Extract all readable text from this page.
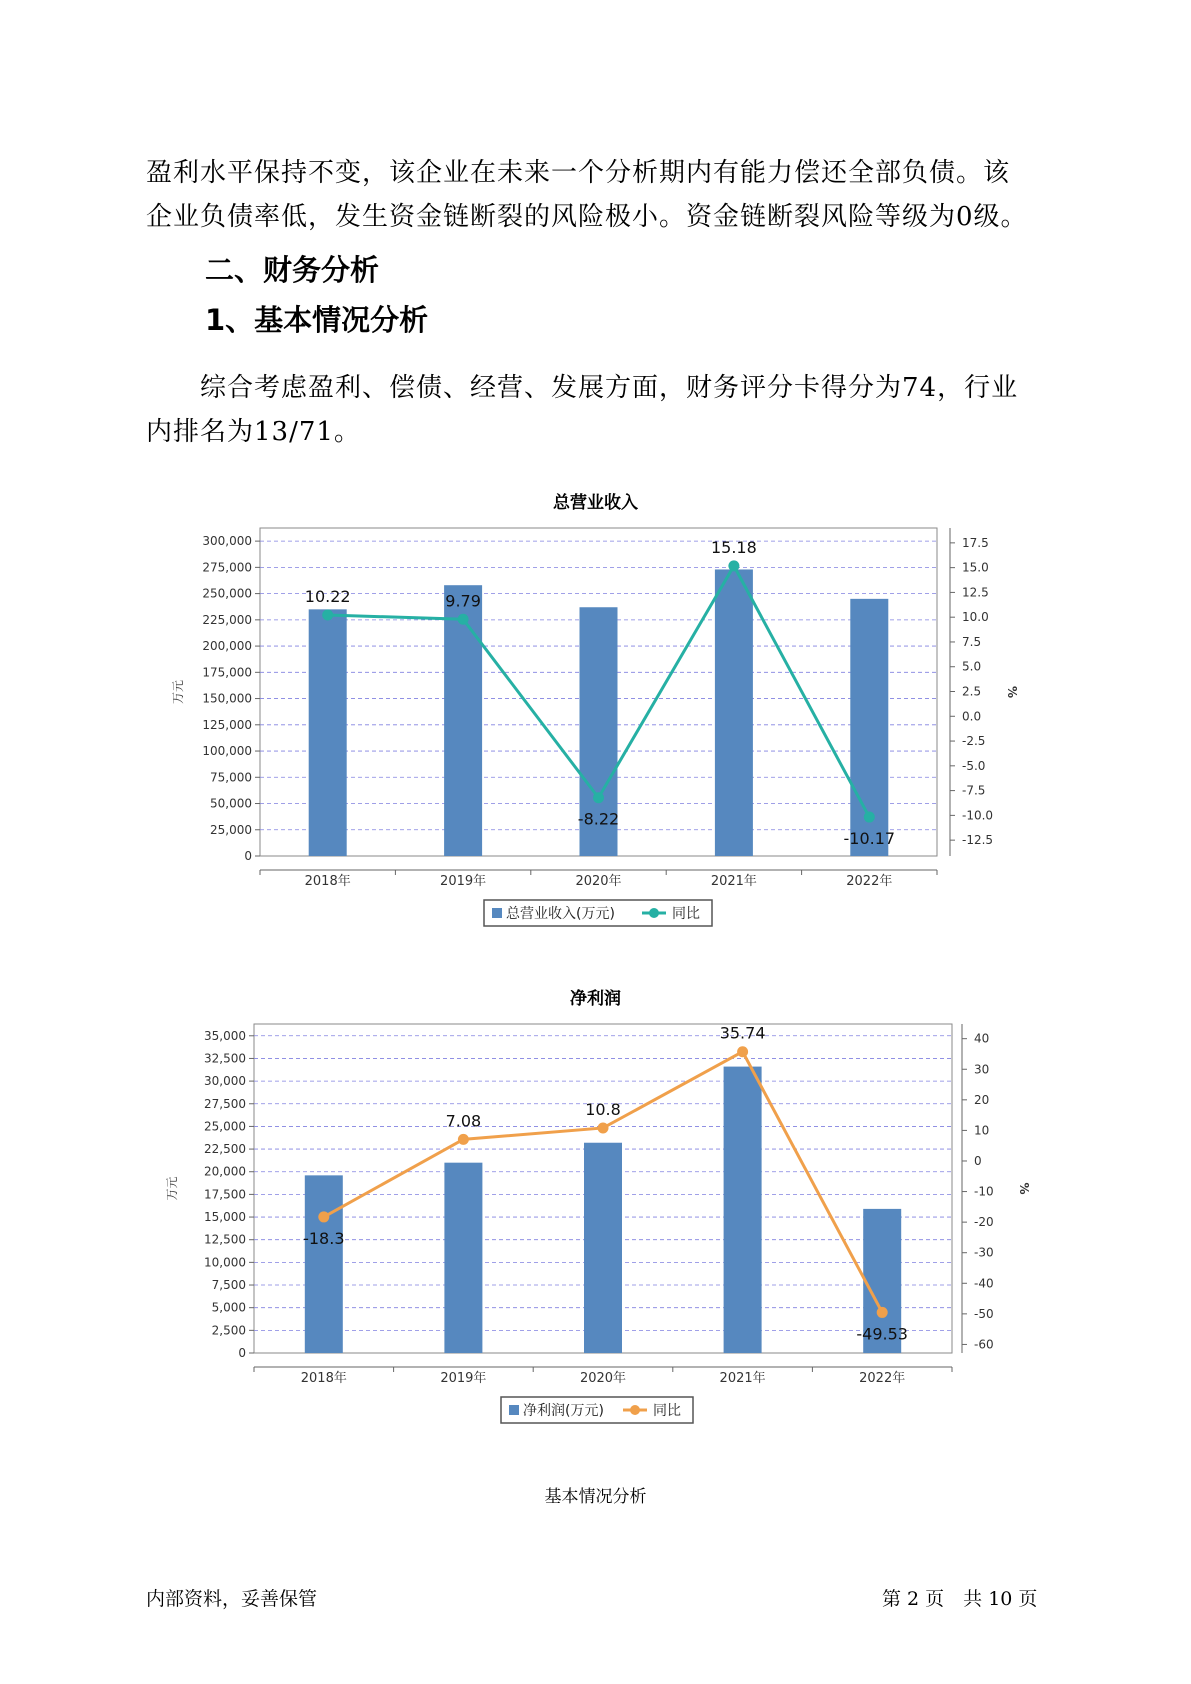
盈利水平保持不变，该企业在未来一个分析期内有能力偿还全部负债。该
企业负债率低，发生资金链断裂的风险极小。资金链断裂风险等级为0级。

二、财务分析
1、基本情况分析

　　综合考虑盈利、偿债、经营、发展方面，财务评分卡得分为74，行业
内排名为13/71。

总营业收入
0
25,000
50,000
75,000
100,000
125,000
150,000
175,000
200,000
225,000
250,000
275,000
300,000
-12.5
-10.0
-7.5
-5.0
-2.5
0.0
2.5
5.0
7.5
10.0
12.5
15.0
17.5
万元	%
2018年	2019年	2020年	2021年	2022年
10.22	9.79
-8.22
15.18
-10.17
总营业收入(万元)	同比
净利润
0
2,500
5,000
7,500
10,000
12,500
15,000
17,500
20,000
22,500
25,000
27,500
30,000
32,500
35,000
-60
-50
-40
-30
-20
-10
0
10
20
30
40
万元	%
2018年	2019年	2020年	2021年	2022年
-18.3
7.08
10.8
35.74
-49.53
净利润(万元)	同比
基本情况分析
内部资料，妥善保管	第 2 页　共 10 页
